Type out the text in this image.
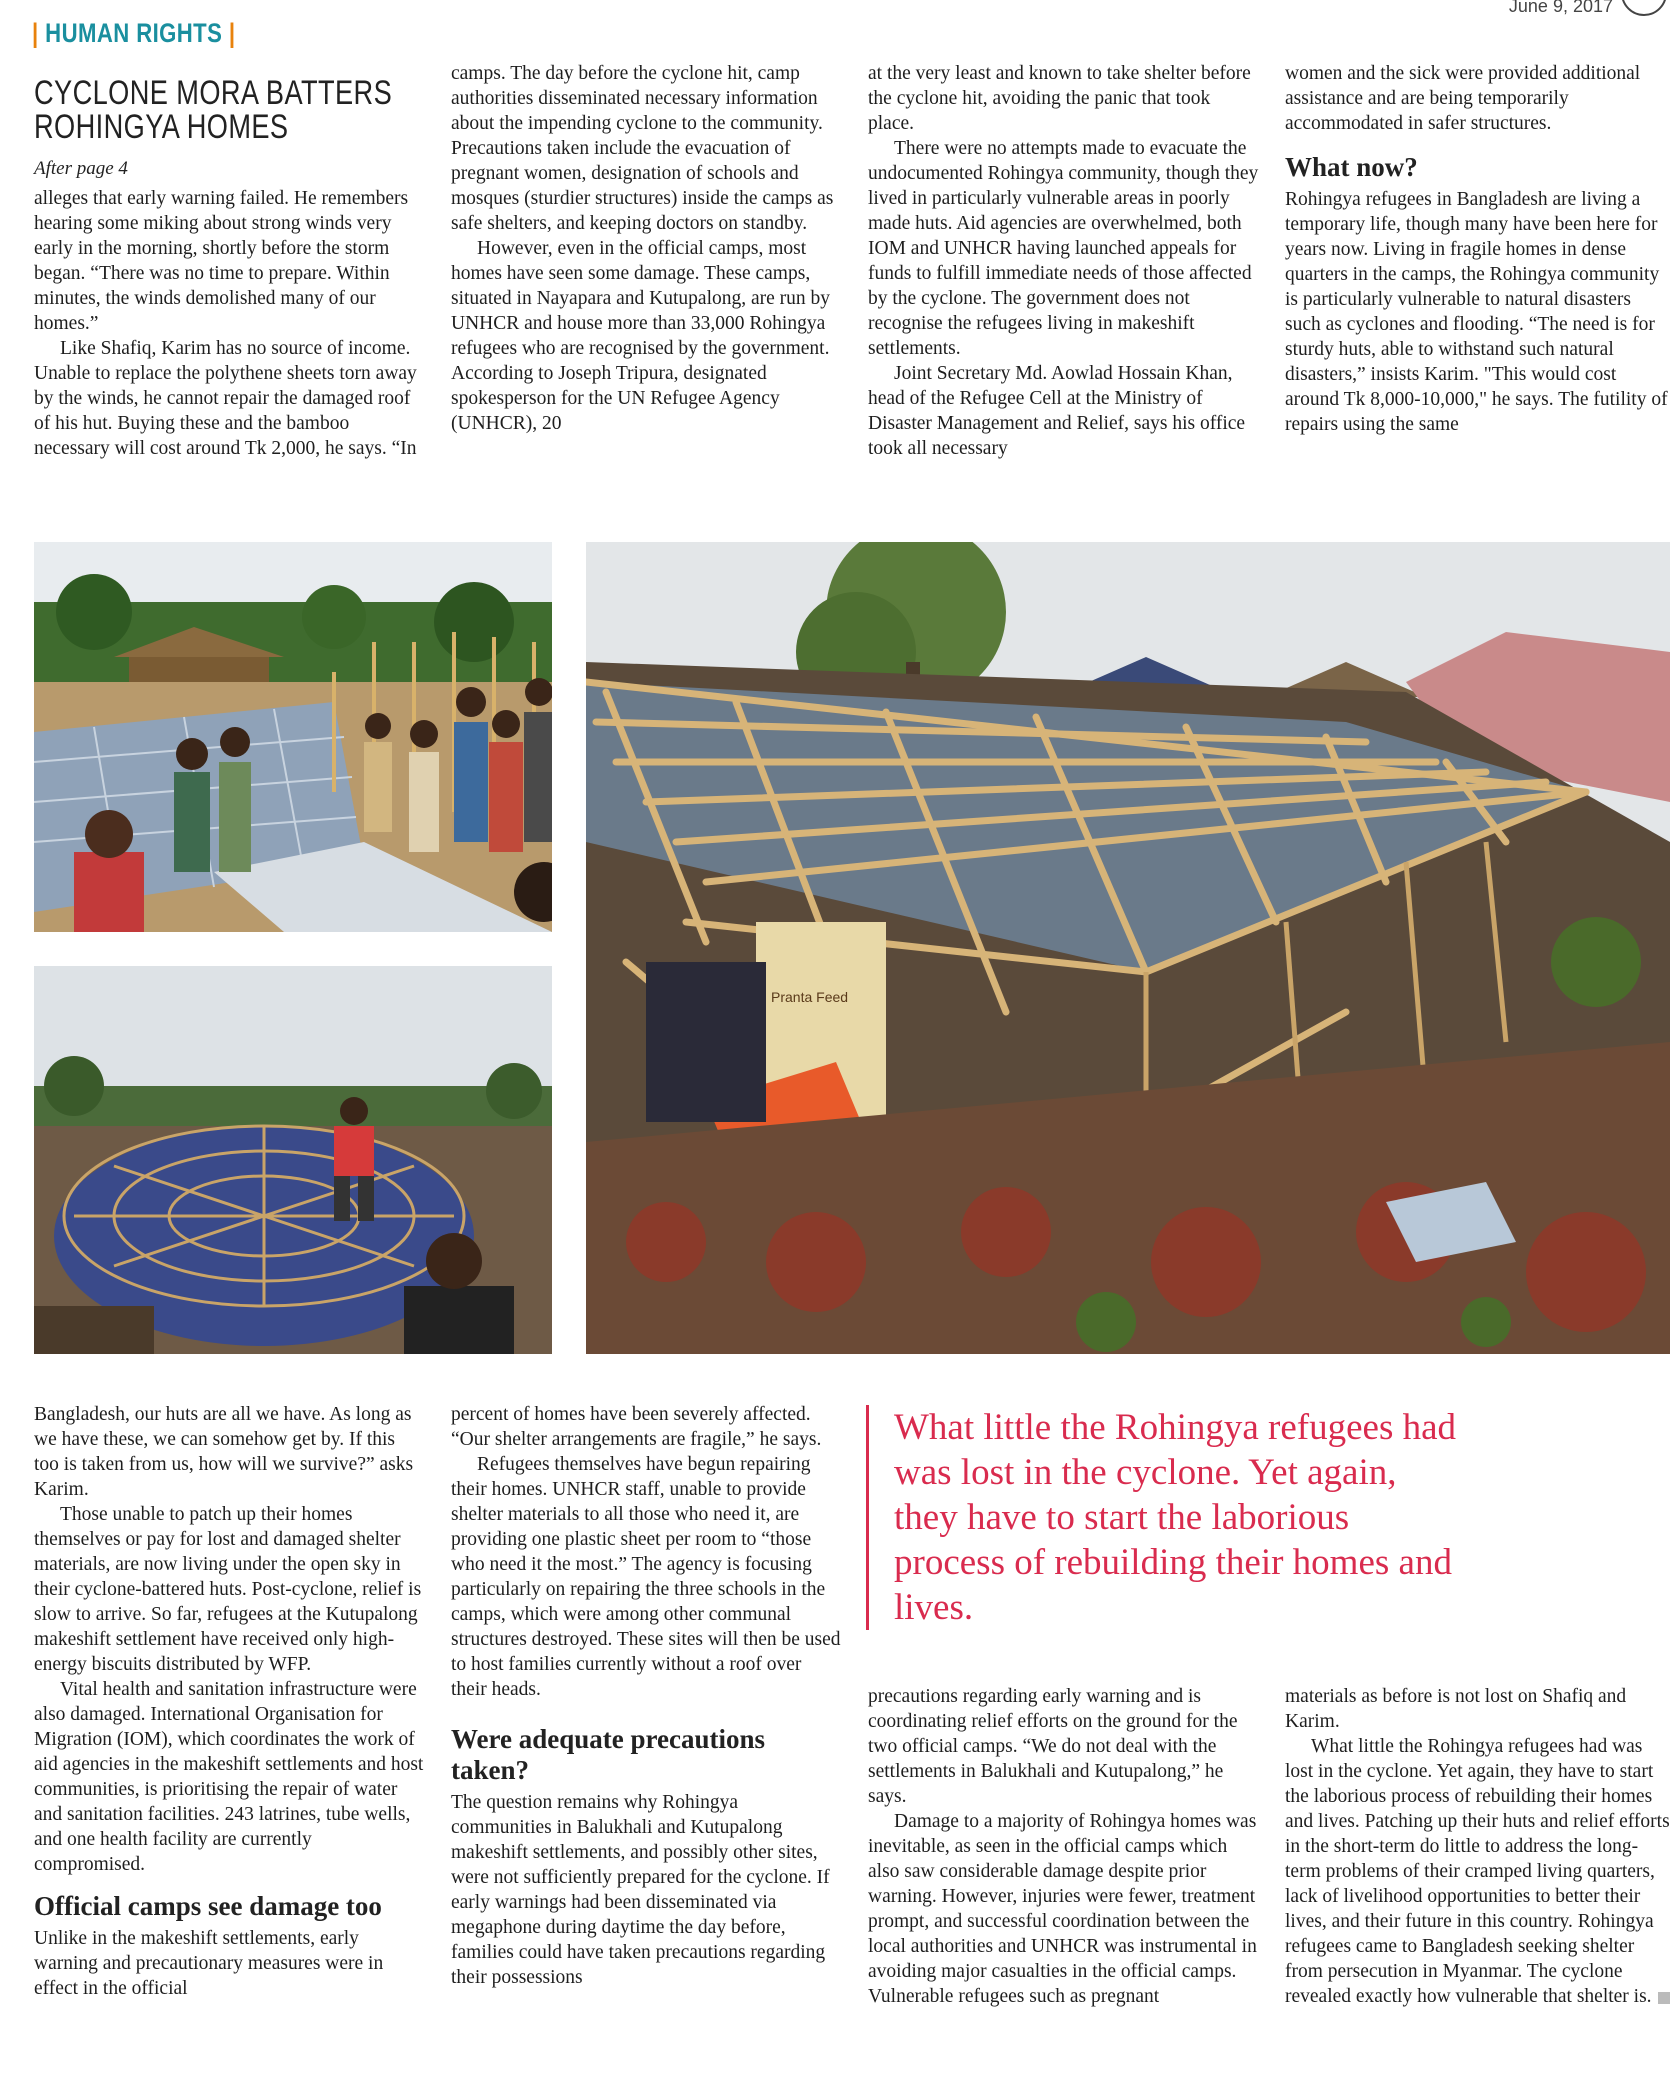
June 9, 2017
| HUMAN RIGHTS |
CYCLONE MORA BATTERS
ROHINGYA HOMES
After page 4

alleges that early warning failed. He remembers hearing some miking about strong winds very early in the morning, shortly before the storm began. “There was no time to prepare. Within minutes, the winds demolished many of our homes.”

Like Shafiq, Karim has no source of income. Unable to replace the polythene sheets torn away by the winds, he cannot repair the damaged roof of his hut. Buying these and the bamboo necessary will cost around Tk 2,000, he says. “In

camps. The day before the cyclone hit, camp authorities disseminated necessary information about the impending cyclone to the community. Precautions taken include the evacuation of pregnant women, designation of schools and mosques (sturdier structures) inside the camps as safe shelters, and keeping doctors on standby.

However, even in the official camps, most homes have seen some damage. These camps, situated in Nayapara and Kutupalong, are run by UNHCR and house more than 33,000 Rohingya refugees who are recognised by the government. According to Joseph Tripura, designated spokesperson for the UN Refugee Agency (UNHCR), 20

at the very least and known to take shelter before the cyclone hit, avoiding the panic that took place.

There were no attempts made to evacuate the undocumented Rohingya community, though they lived in particularly vulnerable areas in poorly made huts. Aid agencies are overwhelmed, both IOM and UNHCR having launched appeals for funds to fulfill immediate needs of those affected by the cyclone. The government does not recognise the refugees living in makeshift settlements.

Joint Secretary Md. Aowlad Hossain Khan, head of the Refugee Cell at the Ministry of Disaster Management and Relief, says his office took all necessary

women and the sick were provided additional assistance and are being temporarily accommodated in safer structures.

What now?

Rohingya refugees in Bangladesh are living a temporary life, though many have been here for years now. Living in fragile homes in dense quarters in the camps, the Rohingya community is particularly vulnerable to natural disasters such as cyclones and flooding. “The need is for sturdy huts, able to withstand such natural disasters,” insists Karim. "This would cost around Tk 8,000-10,000," he says. The futility of repairs using the same

Pranta Feed

Bangladesh, our huts are all we have. As long as we have these, we can somehow get by. If this too is taken from us, how will we survive?” asks Karim.

Those unable to patch up their homes themselves or pay for lost and damaged shelter materials, are now living under the open sky in their cyclone-battered huts. Post-cyclone, relief is slow to arrive. So far, refugees at the Kutupalong makeshift settlement have received only high-energy biscuits distributed by WFP.

Vital health and sanitation infrastructure were also damaged. International Organisation for Migration (IOM), which coordinates the work of aid agencies in the makeshift settlements and host communities, is prioritising the repair of water and sanitation facilities. 243 latrines, tube wells, and one health facility are currently compromised.

Official camps see damage too

Unlike in the makeshift settlements, early warning and precautionary measures were in effect in the official

percent of homes have been severely affected. “Our shelter arrangements are fragile,” he says.

Refugees themselves have begun repairing their homes. UNHCR staff, unable to provide shelter materials to all those who need it, are providing one plastic sheet per room to “those who need it the most.” The agency is focusing particularly on repairing the three schools in the camps, which were among other communal structures destroyed. These sites will then be used to host families currently without a roof over their heads.

Were adequate precautions taken?

The question remains why Rohingya communities in Balukhali and Kutupalong makeshift settlements, and possibly other sites, were not sufficiently prepared for the cyclone. If early warnings had been disseminated via megaphone during daytime the day before, families could have taken precautions regarding their possessions

What little the Rohingya refugees had was lost in the cyclone. Yet again, they have to start the laborious process of rebuilding their homes and lives.

precautions regarding early warning and is coordinating relief efforts on the ground for the two official camps. “We do not deal with the settlements in Balukhali and Kutupalong,” he says.

Damage to a majority of Rohingya homes was inevitable, as seen in the official camps which also saw considerable damage despite prior warning. However, injuries were fewer, treatment prompt, and successful coordination between the local authorities and UNHCR was instrumental in avoiding major casualties in the official camps. Vulnerable refugees such as pregnant

materials as before is not lost on Shafiq and Karim.

What little the Rohingya refugees had was lost in the cyclone. Yet again, they have to start the laborious process of rebuilding their homes and lives. Patching up their huts and relief efforts in the short-term do little to address the long-term problems of their cramped living quarters, lack of livelihood opportunities to better their lives, and their future in this country. Rohingya refugees came to Bangladesh seeking shelter from persecution in Myanmar. The cyclone revealed exactly how vulnerable that shelter is.
